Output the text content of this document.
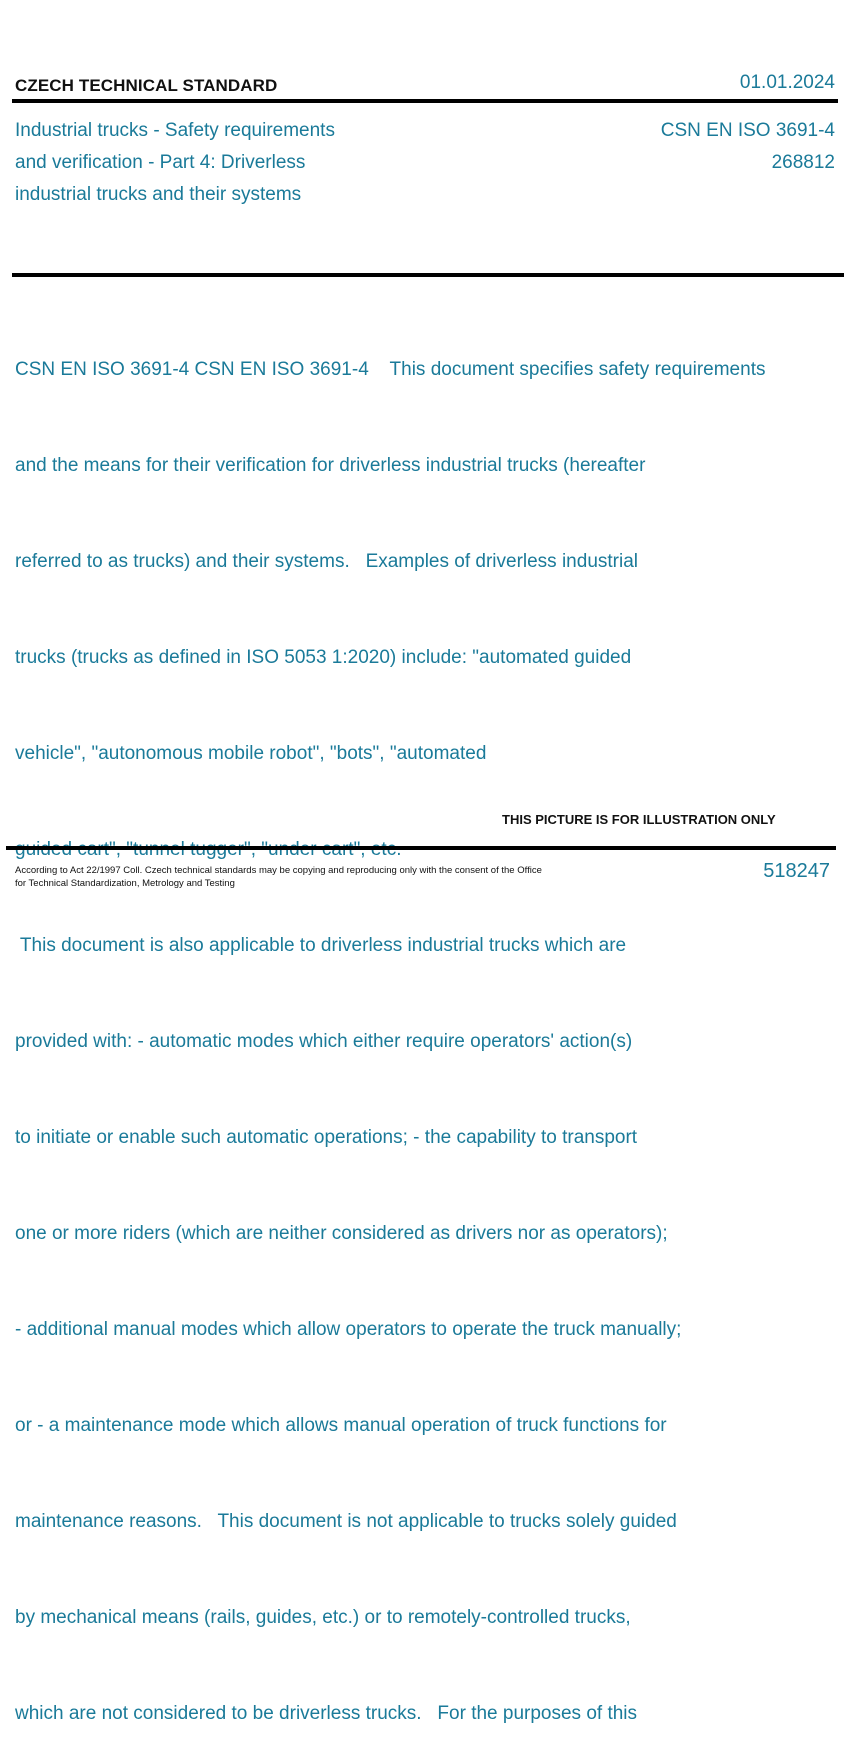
CZECH TECHNICAL STANDARD	01.01.2024
Industrial trucks - Safety requirements
and verification - Part 4: Driverless
industrial trucks and their systems
CSN EN ISO 3691-4
268812

CSN EN ISO 3691-4 CSN EN ISO 3691-4    This document specifies safety requirements

and the means for their verification for driverless industrial trucks (hereafter

referred to as trucks) and their systems.   Examples of driverless industrial

trucks (trucks as defined in ISO 5053 1:2020) include: "automated guided

vehicle", "autonomous mobile robot", "bots", "automated

This document is also applicable to driverless industrial trucks which are

provided with: - automatic modes which either require operators' action(s)

to initiate or enable such automatic operations; - the capability to transport

one or more riders (which are neither considered as drivers nor as operators);

- additional manual modes which allow operators to operate the truck manually;

or - a maintenance mode which allows manual operation of truck functions for

maintenance reasons.   This document is not applicable to trucks solely guided

by mechanical means (rails, guides, etc.) or to remotely-controlled trucks,

which are not considered to be driverless trucks.   For the purposes of this

THIS PICTURE IS FOR ILLUSTRATION ONLY
According to Act 22/1997 Coll. Czech technical standards may be copying and reproducing only with the consent of the Office
for Technical Standardization, Metrology and Testing
518247
